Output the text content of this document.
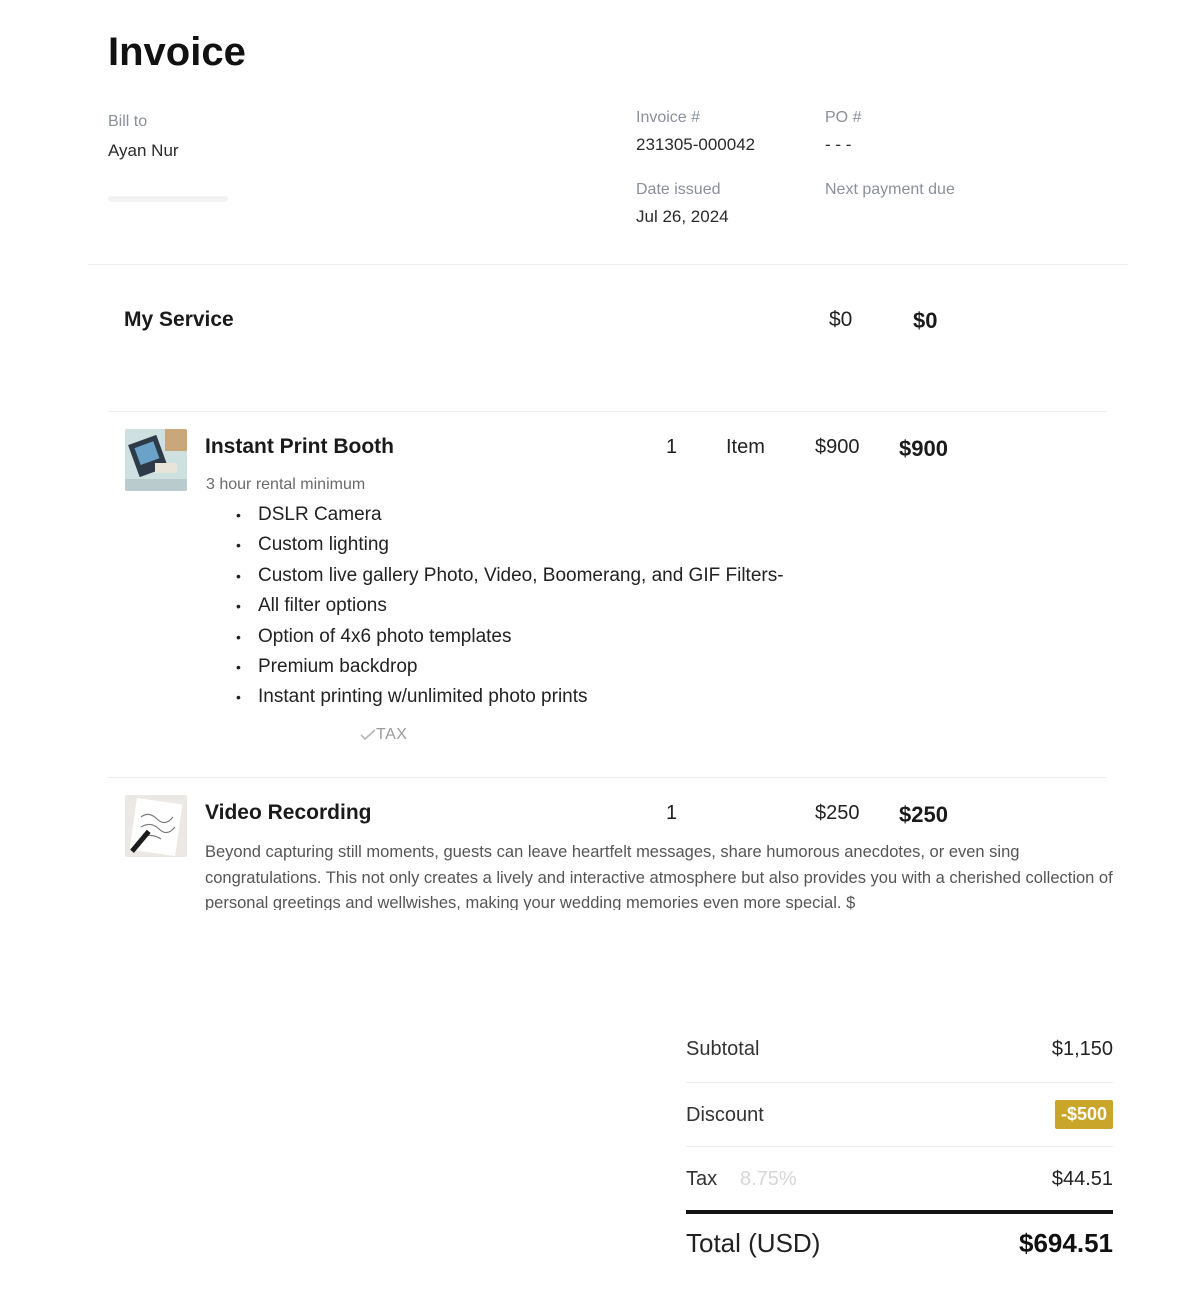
Invoice
Bill to
Ayan Nur
Invoice #
231305-000042
PO #
- - -
Date issued
Jul 26, 2024
Next payment due
My Service	$0	$0
Instant Print Booth	1 Item	$900 $900
3 hour rental minimum
• DSLR Camera
• Custom lighting
• Custom live gallery Photo, Video, Boomerang, and GIF Filters-
• All filter options
• Option of 4x6 photo templates
• Premium backdrop
• Instant printing w/unlimited photo prints
TAX
Video Recording	1	$250 $250
Beyond capturing still moments, guests can leave heartfelt messages, share humorous anecdotes, or even sing congratulations. This not only creates a lively and interactive atmosphere but also provides you with a cherished collection of personal greetings and wellwishes, making your wedding memories even more special. $
Subtotal	$1,150
Discount	-$500
Tax 8.75%	$44.51
Total (USD)	$694.51
